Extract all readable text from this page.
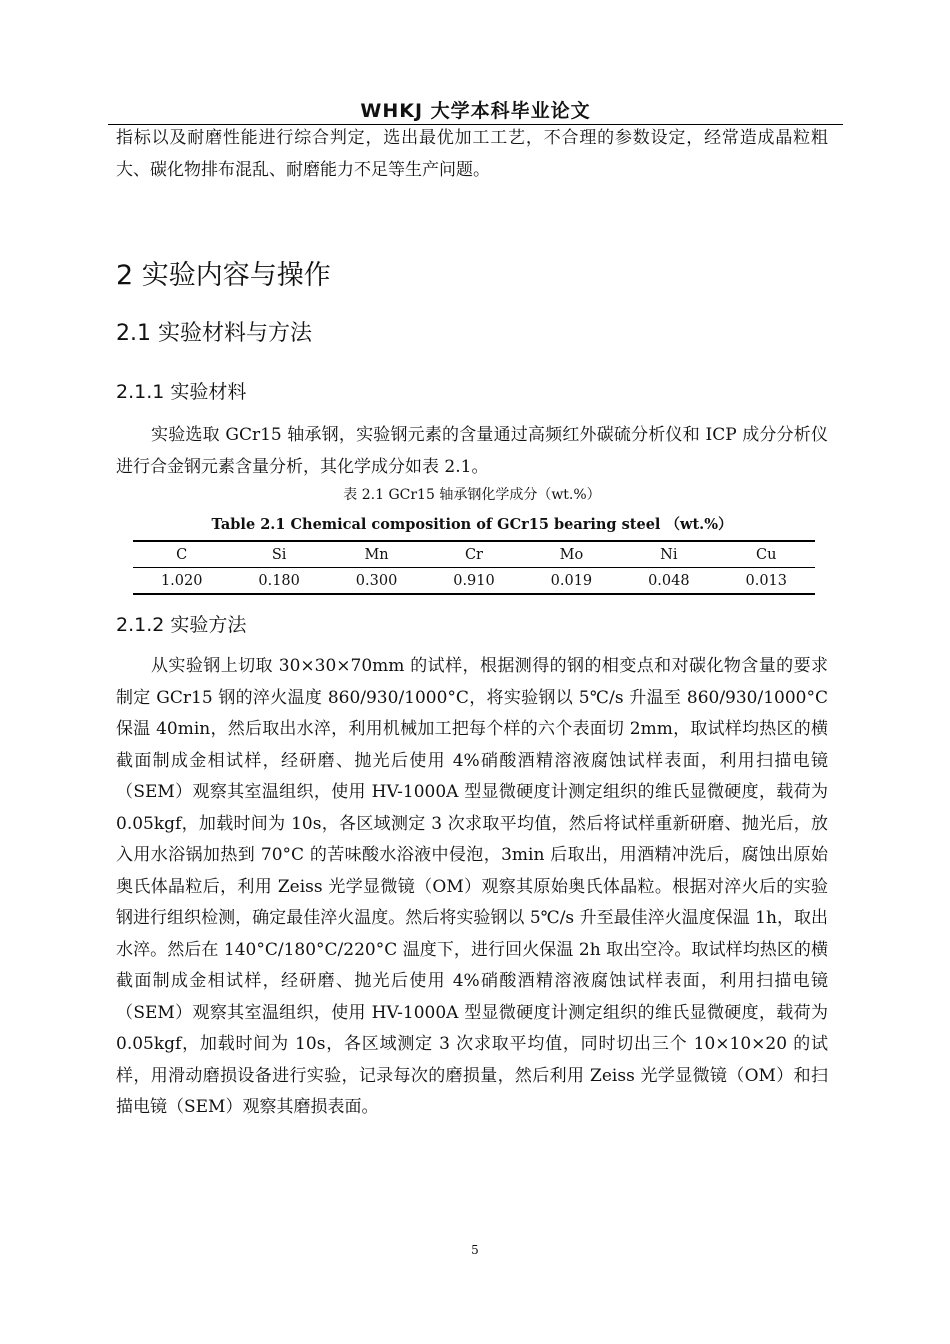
WHKJ 大学本科毕业论文

指标以及耐磨性能进行综合判定，选出最优加工工艺，不合理的参数设定，经常造成晶粒粗大、碳化物排布混乱、耐磨能力不足等生产问题。

2 实验内容与操作
2.1 实验材料与方法
2.1.1 实验材料

实验选取 GCr15 轴承钢，实验钢元素的含量通过高频红外碳硫分析仪和 ICP 成分分析仪进行合金钢元素含量分析，其化学成分如表 2.1。

表 2.1 GCr15 轴承钢化学成分（wt.%）
Table 2.1 Chemical composition of GCr15 bearing steel （wt.%）
C	Si	Mn	Cr	Mo	Ni	Cu
1.020	0.180	0.300	0.910	0.019	0.048	0.013
2.1.2 实验方法

从实验钢上切取 30×30×70mm 的试样，根据测得的钢的相变点和对碳化物含量的要求制定 GCr15 钢的淬火温度 860/930/1000°C，将实验钢以 5℃/s 升温至 860/930/1000°C 保温 40min，然后取出水淬，利用机械加工把每个样的六个表面切 2mm，取试样均热区的横截面制成金相试样，经研磨、抛光后使用 4%硝酸酒精溶液腐蚀试样表面，利用扫描电镜（SEM）观察其室温组织，使用 HV-1000A 型显微硬度计测定组织的维氏显微硬度，载荷为 0.05kgf，加载时间为 10s，各区域测定 3 次求取平均值，然后将试样重新研磨、抛光后，放入用水浴锅加热到 70°C 的苦味酸水浴液中侵泡，3min 后取出，用酒精冲洗后，腐蚀出原始奥氏体晶粒后，利用 Zeiss 光学显微镜（OM）观察其原始奥氏体晶粒。根据对淬火后的实验钢进行组织检测，确定最佳淬火温度。然后将实验钢以 5℃/s 升至最佳淬火温度保温 1h，取出水淬。然后在 140°C/180°C/220°C 温度下，进行回火保温 2h 取出空冷。取试样均热区的横截面制成金相试样，经研磨、抛光后使用 4%硝酸酒精溶液腐蚀试样表面，利用扫描电镜（SEM）观察其室温组织，使用 HV-1000A 型显微硬度计测定组织的维氏显微硬度，载荷为 0.05kgf，加载时间为 10s，各区域测定 3 次求取平均值，同时切出三个 10×10×20 的试样，用滑动磨损设备进行实验，记录每次的磨损量，然后利用 Zeiss 光学显微镜（OM）和扫描电镜（SEM）观察其磨损表面。

5
